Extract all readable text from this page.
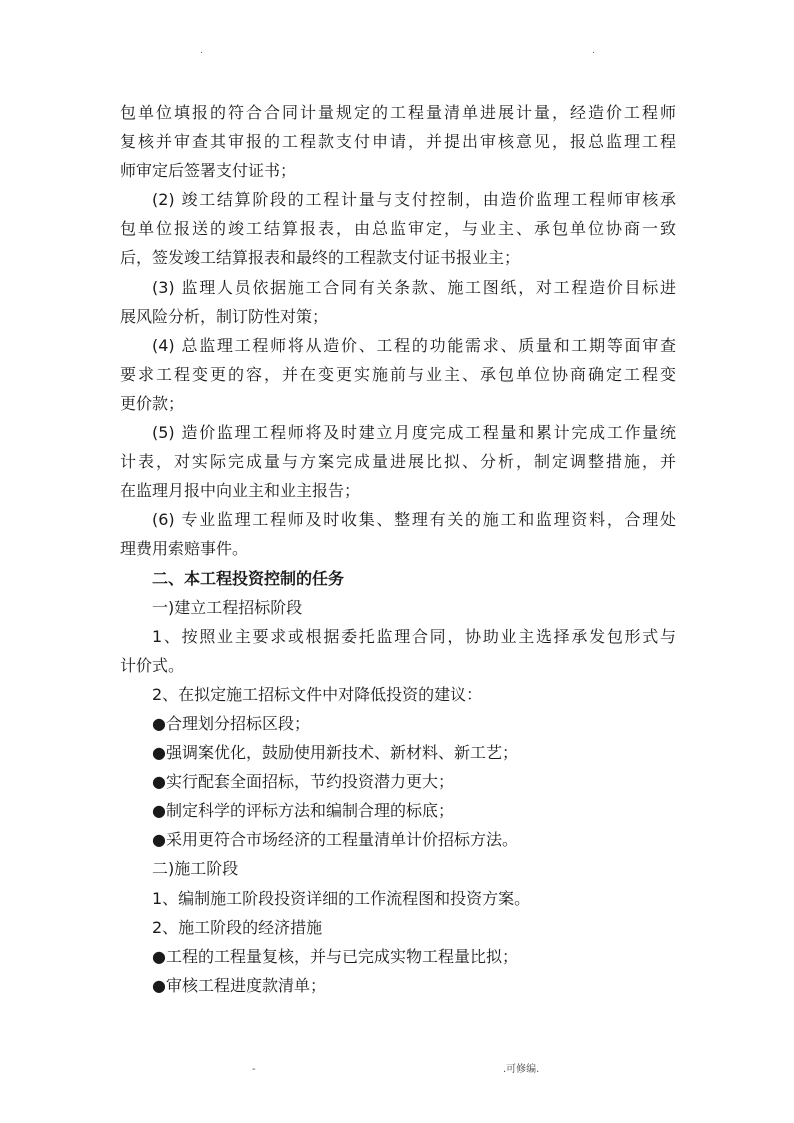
.	.
包单位填报的符合合同计量规定的工程量清单进展计量，经造价工程师
复核并审查其审报的工程款支付申请，并提出审核意见，报总监理工程
师审定后签署支付证书；
(2) 竣工结算阶段的工程计量与支付控制，由造价监理工程师审核承
包单位报送的竣工结算报表，由总监审定，与业主、承包单位协商一致
后，签发竣工结算报表和最终的工程款支付证书报业主；
(3) 监理人员依据施工合同有关条款、施工图纸，对工程造价目标进
展风险分析，制订防性对策；
(4) 总监理工程师将从造价、工程的功能需求、质量和工期等面审查
要求工程变更的容，并在变更实施前与业主、承包单位协商确定工程变
更价款；
(5) 造价监理工程师将及时建立月度完成工程量和累计完成工作量统
计表，对实际完成量与方案完成量进展比拟、分析，制定调整措施，并
在监理月报中向业主和业主报告；
(6) 专业监理工程师及时收集、整理有关的施工和监理资料，合理处
理费用索赔事件。
二、本工程投资控制的任务
一)建立工程招标阶段
1、按照业主要求或根据委托监理合同，协助业主选择承发包形式与
计价式。
2、在拟定施工招标文件中对降低投资的建议：
●合理划分招标区段；
●强调案优化，鼓励使用新技术、新材料、新工艺；
●实行配套全面招标，节约投资潜力更大；
●制定科学的评标方法和编制合理的标底；
●采用更符合市场经济的工程量清单计价招标方法。
二)施工阶段
1、编制施工阶段投资详细的工作流程图和投资方案。
2、施工阶段的经济措施
●工程的工程量复核，并与已完成实物工程量比拟；
●审核工程进度款清单；
-	.可修编.
